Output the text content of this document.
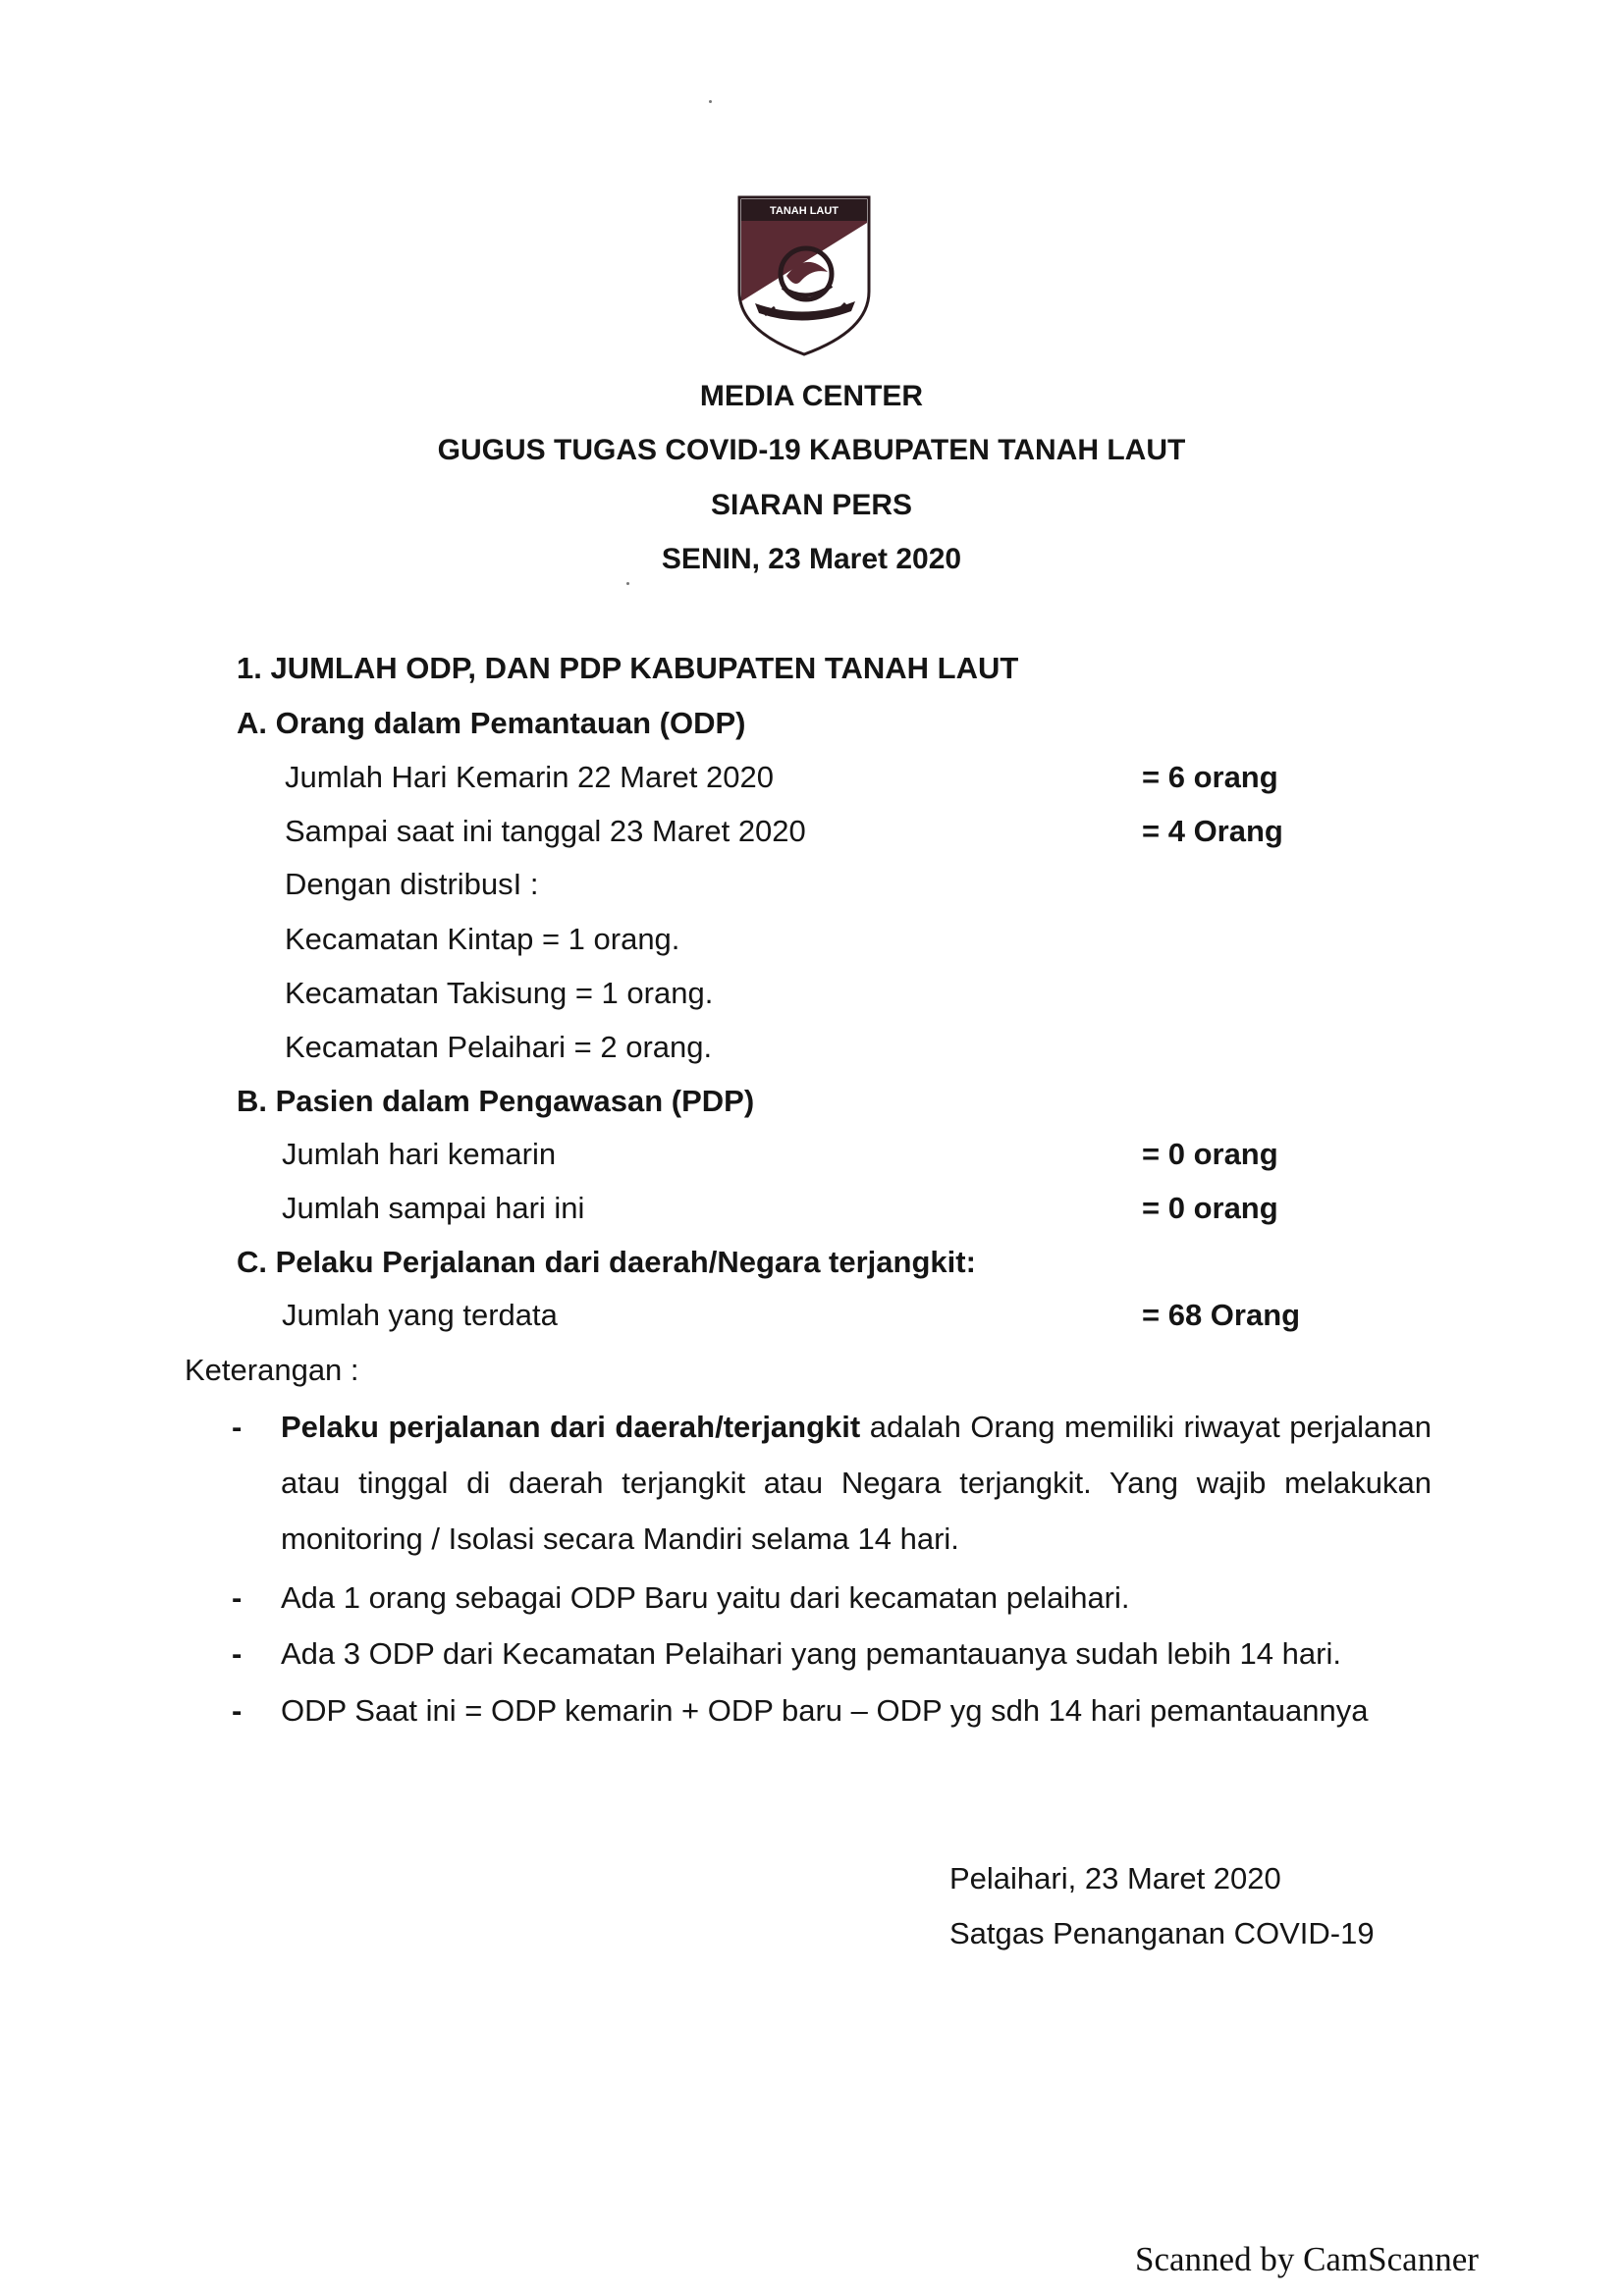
TANAH LAUT
MEDIA CENTER
GUGUS TUGAS COVID-19 KABUPATEN TANAH LAUT
SIARAN PERS
SENIN, 23 Maret 2020
1. JUMLAH ODP, DAN PDP KABUPATEN TANAH LAUT
A. Orang dalam Pemantauan (ODP)
Jumlah Hari Kemarin 22 Maret 2020	= 6 orang
Sampai saat ini tanggal 23 Maret 2020	= 4 Orang
Dengan distribusI :
Kecamatan Kintap = 1 orang.
Kecamatan Takisung = 1 orang.
Kecamatan Pelaihari = 2 orang.
B. Pasien dalam Pengawasan (PDP)
Jumlah hari kemarin	= 0 orang
Jumlah sampai hari ini	= 0 orang
C. Pelaku Perjalanan dari daerah/Negara terjangkit:
Jumlah yang terdata	= 68 Orang
Keterangan :
- Pelaku perjalanan dari daerah/terjangkit adalah Orang memiliki riwayat perjalanan atau tinggal di daerah terjangkit atau Negara terjangkit. Yang wajib melakukan monitoring / Isolasi secara Mandiri selama 14 hari.
- Ada 1 orang sebagai ODP Baru yaitu dari kecamatan pelaihari.
- Ada 3 ODP dari Kecamatan Pelaihari yang pemantauanya sudah lebih 14 hari.
- ODP Saat ini = ODP kemarin + ODP baru – ODP yg sdh 14 hari pemantauannya
Pelaihari, 23 Maret 2020
Satgas Penanganan COVID-19
Scanned by CamScanner
